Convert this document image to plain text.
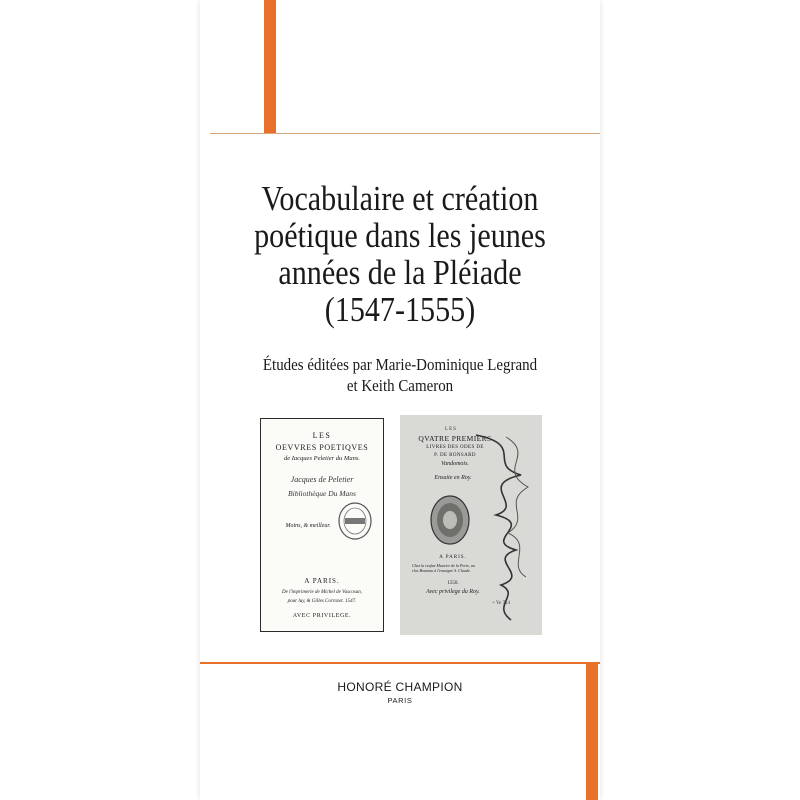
Vocabulaire et création
poétique dans les jeunes
années de la Pléiade
(1547-1555)
Études éditées par Marie-Dominique Legrand
et Keith Cameron
LES
OEVVRES POETIQVES
de Iacques Peletier du Mans.
Jacques de Peletier
Bibliothèque Du Mans
Moins, & meilleur.
A PARIS.
De l'imprimerie de Michel de Vascosan,
pour luy, & Gilles Corrozet. 1547.
AVEC PRIVILEGE.
LES
QVATRE PREMIERS
LIVRES DES ODES DE
P. DE RONSARD
Vandomois.
Ensuite en Roy.
A PARIS.
Chez la veufue Maurice de la Porte, au clos Bruneau à l'enseigne S. Claude.
1550.
Avec privilege du Roy.
+ Ye 714
HONORÉ CHAMPION
PARIS
